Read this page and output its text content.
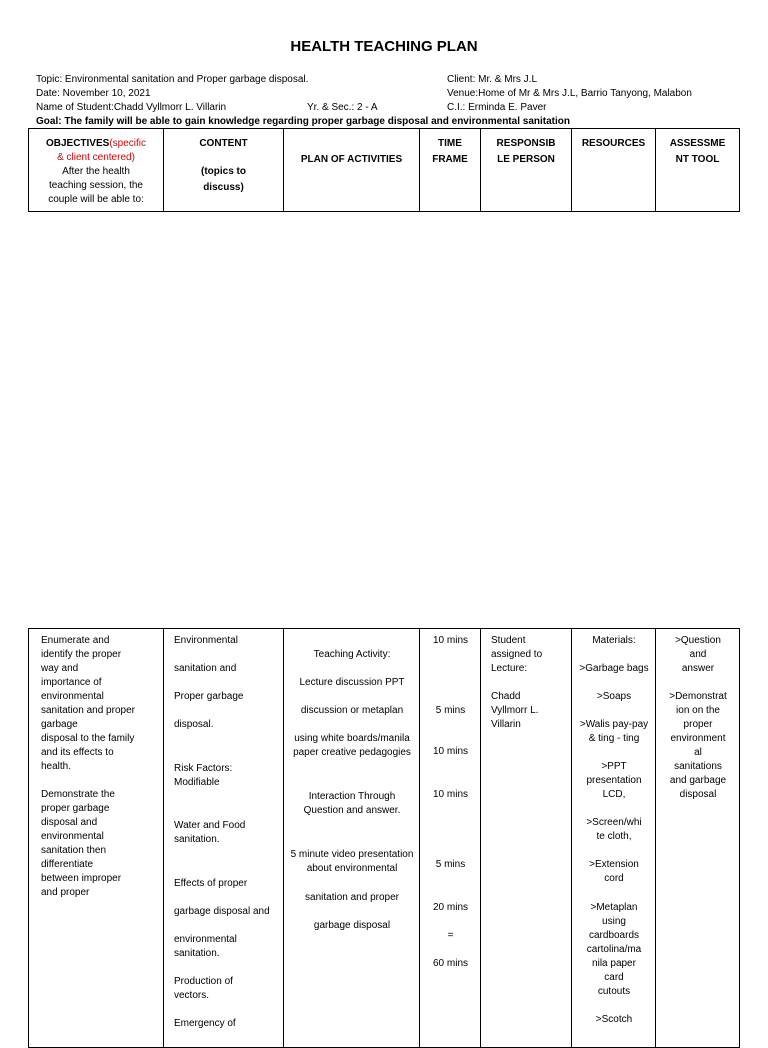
HEALTH TEACHING PLAN
Topic: Environmental sanitation and Proper garbage disposal.
Date: November 10, 2021
Name of Student:Chadd Vyllmorr L. Villarin	Yr. & Sec.: 2 - A
Client: Mr. & Mrs J.L
Venue:Home of Mr & Mrs J.L, Barrio Tanyong, Malabon
C.I.: Erminda E. Paver
Goal: The family will be able to gain knowledge regarding proper garbage disposal and environmental sanitation
OBJECTIVES(specific
& client centered)
After the health
teaching session, the
couple will be able to:

CONTENT
(topics to
discuss)
	PLAN OF ACTIVITIES	
TIME
FRAME

RESPONSIB
LE PERSON
	RESOURCES	ASSESSME
NT TOOL
Enumerate and
identify the proper
way and
importance of
environmental
sanitation and proper
garbage
disposal to the family
and its effects to
health.
Demonstrate the
proper garbage
disposal and
environmental
sanitation then
differentiate
between improper
and proper

Environmental
sanitation and
Proper garbage
disposal.
Risk Factors:
Modifiable
Water and Food
sanitation.
Effects of proper
garbage disposal and
environmental
sanitation.
Production of
vectors.
Emergency of

Teaching Activity:
Lecture discussion PPT
discussion or metaplan
using white boards/manila
paper creative pedagogies
Interaction Through
Question and answer.
5 minute video presentation
about environmental
sanitation and proper
garbage disposal

10 mins
5 mins
10 mins
10 mins
5 mins
20 mins
=
60 mins

Student
assigned to
Lecture:
Chadd
Vyllmorr L.
Villarin

Materials:
>Garbage bags
>Soaps
>Walis pay-pay
& ting - ting
>PPT
presentation
LCD,
>Screen/whi
te cloth,
>Extension
cord
>Metaplan
using
cardboards
cartolina/ma
nila paper
card
cutouts
>Scotch

>Question
and
answer
>Demonstrat
ion on the
proper
environment
al
sanitations
and garbage
disposal
